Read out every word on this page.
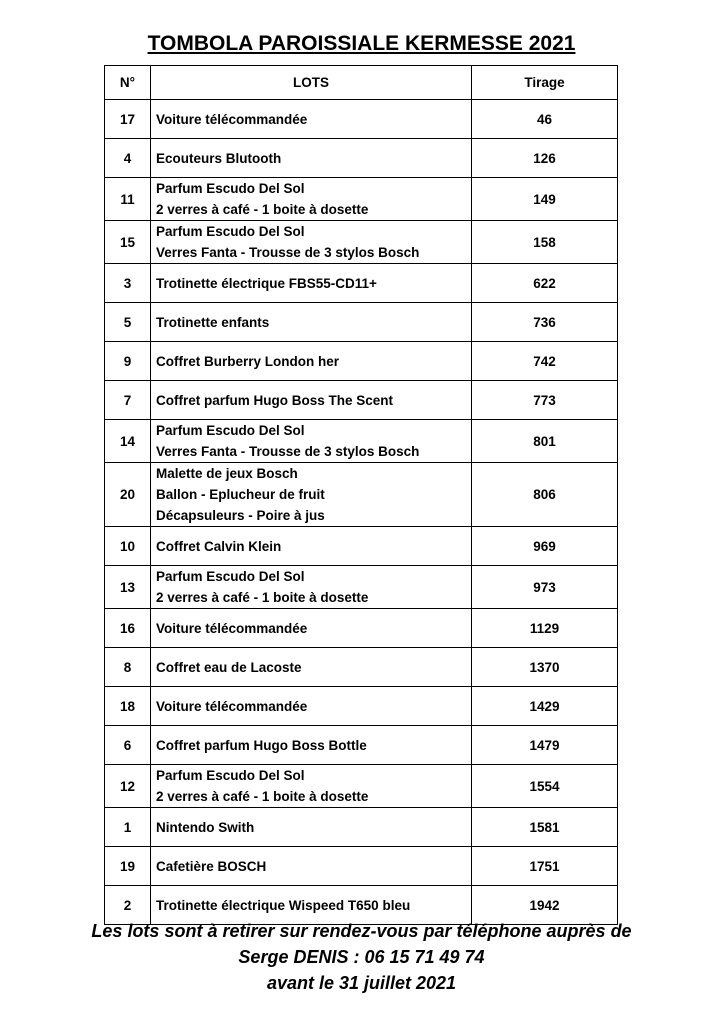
TOMBOLA PAROISSIALE KERMESSE 2021
N°	LOTS	Tirage
17	Voiture télécommandée	46
4	Ecouteurs Blutooth	126
11	Parfum Escudo Del Sol
2 verres à café - 1 boite à dosette	149
15	Parfum Escudo Del Sol
Verres Fanta - Trousse de 3 stylos Bosch	158
3	Trotinette électrique FBS55-CD11+	622
5	Trotinette enfants	736
9	Coffret Burberry London her	742
7	Coffret parfum Hugo Boss The Scent	773
14	Parfum Escudo Del Sol
Verres Fanta - Trousse de 3 stylos Bosch	801
20	Malette de jeux Bosch
Ballon - Eplucheur de fruit
Décapsuleurs - Poire à jus	806
10	Coffret Calvin Klein	969
13	Parfum Escudo Del Sol
2 verres à café - 1 boite à dosette	973
16	Voiture télécommandée	1129
8	Coffret eau de Lacoste	1370
18	Voiture télécommandée	1429
6	Coffret parfum Hugo Boss Bottle	1479
12	Parfum Escudo Del Sol
2 verres à café - 1 boite à dosette	1554
1	Nintendo Swith	1581
19	Cafetière BOSCH	1751
2	Trotinette électrique Wispeed T650 bleu	1942
Les lots sont à retirer sur rendez-vous par téléphone auprès de
Serge DENIS : 06 15 71 49 74
avant le 31 juillet 2021
